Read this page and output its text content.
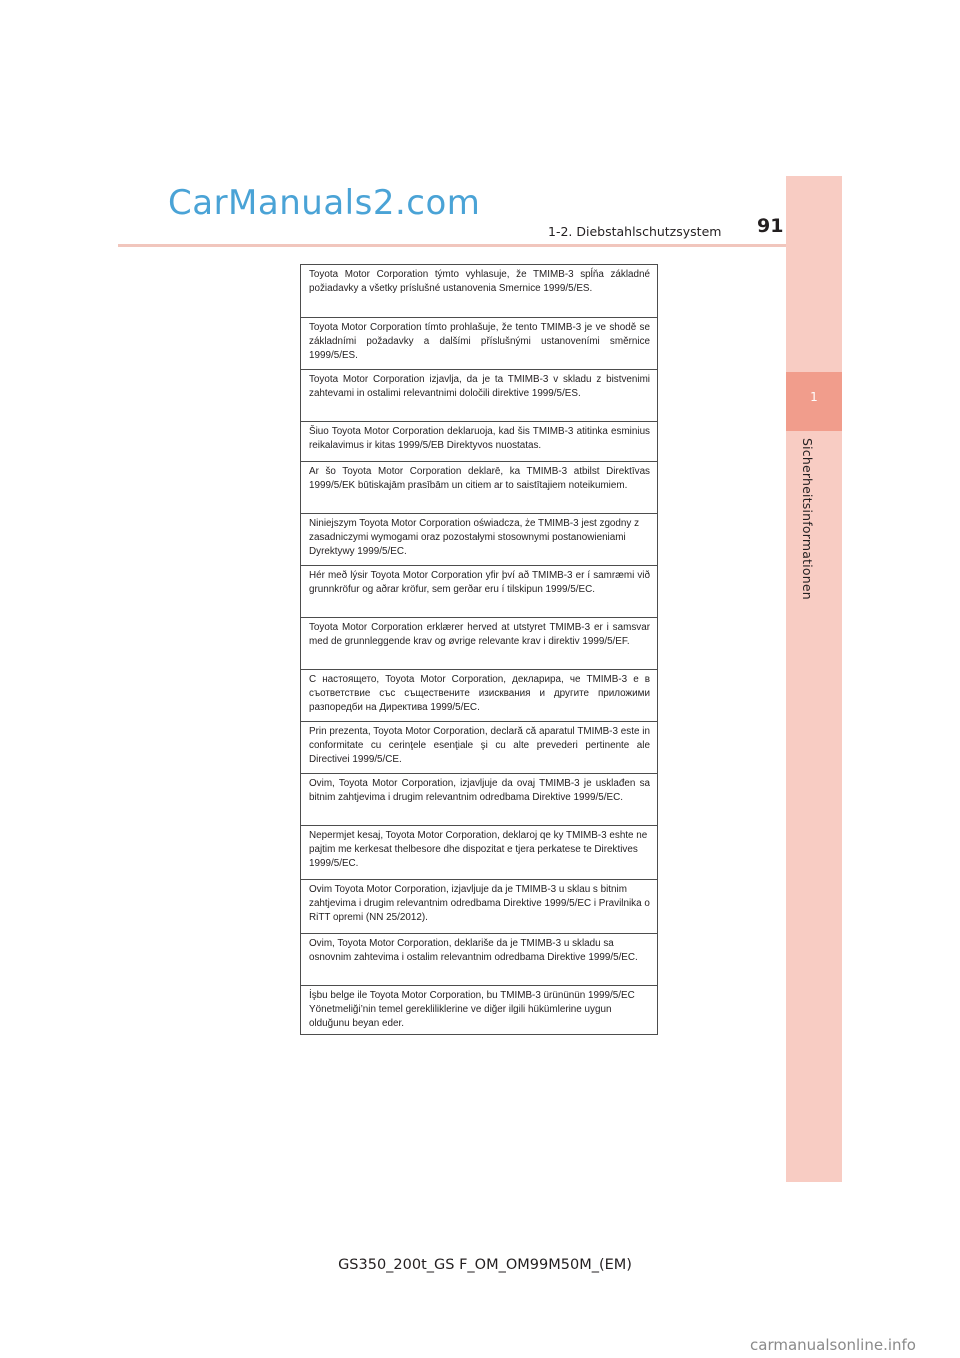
CarManuals2.com
91
1-2. Diebstahlschutzsystem
1
Sicherheitsinformationen
Toyota Motor Corporation týmto vyhlasuje, že TMIMB-3 spĺňa základné požiadavky a všetky príslušné ustanovenia Smernice 1999/5/ES.
Toyota Motor Corporation tímto prohlašuje, že tento TMIMB-3 je ve shodě se základními požadavky a dalšími příslušnými ustanoveními směrnice 1999/5/ES.
Toyota Motor Corporation izjavlja, da je ta TMIMB-3 v skladu z bistvenimi zahtevami in ostalimi relevantnimi določili direktive 1999/5/ES.
Šiuo Toyota Motor Corporation deklaruoja, kad šis TMIMB-3 atitinka esminius reikalavimus ir kitas 1999/5/EB Direktyvos nuostatas.
Ar šo Toyota Motor Corporation deklarē, ka TMIMB-3 atbilst Direktīvas 1999/5/EK būtiskajām prasībām un citiem ar to saistītajiem noteikumiem.
Niniejszym Toyota Motor Corporation oświadcza, że TMIMB-3 jest zgodny z zasadniczymi wymogami oraz pozostałymi stosownymi postanowieniami Dyrektywy 1999/5/EC.
Hér með lýsir Toyota Motor Corporation yfir því að TMIMB-3 er í samræmi við grunnkröfur og aðrar kröfur, sem gerðar eru í tilskipun 1999/5/EC.
Toyota Motor Corporation erklærer herved at utstyret TMIMB-3 er i samsvar med de grunnleggende krav og øvrige relevante krav i direktiv 1999/5/EF.
С настоящето, Toyota Motor Corporation, декларира, че TMIMB-3 е в съответствие със съществените изисквания и другите приложими разпоредби на Директива 1999/5/ЕС.
Prin prezenta, Toyota Motor Corporation, declară că aparatul TMIMB-3 este in conformitate cu cerinţele esenţiale şi cu alte prevederi pertinente ale Directivei 1999/5/CE.
Ovim, Toyota Motor Corporation, izjavljuje da ovaj TMIMB-3 je usklađen sa bitnim zahtjevima i drugim relevantnim odredbama Direktive 1999/5/EC.
Nepermjet kesaj, Toyota Motor Corporation, deklaroj qe ky TMIMB-3 eshte ne pajtim me kerkesat thelbesore dhe dispozitat e tjera perkatese te Direktives 1999/5/EC.
Ovim Toyota Motor Corporation, izjavljuje da je TMIMB-3 u sklau s bitnim zahtjevima i drugim relevantnim odredbama Direktive 1999/5/EC i Pravilnika o RiTT opremi (NN 25/2012).
Ovim, Toyota Motor Corporation, deklariše da je TMIMB-3 u skladu sa osnovnim zahtevima i ostalim relevantnim odredbama Direktive 1999/5/EC.
İşbu belge ile Toyota Motor Corporation, bu TMIMB-3 ürününün 1999/5/EC Yönetmeliği’nin temel gerekliliklerine ve diğer ilgili hükümlerine uygun olduğunu beyan eder.
GS350_200t_GS F_OM_OM99M50M_(EM)
carmanualsonline.info
